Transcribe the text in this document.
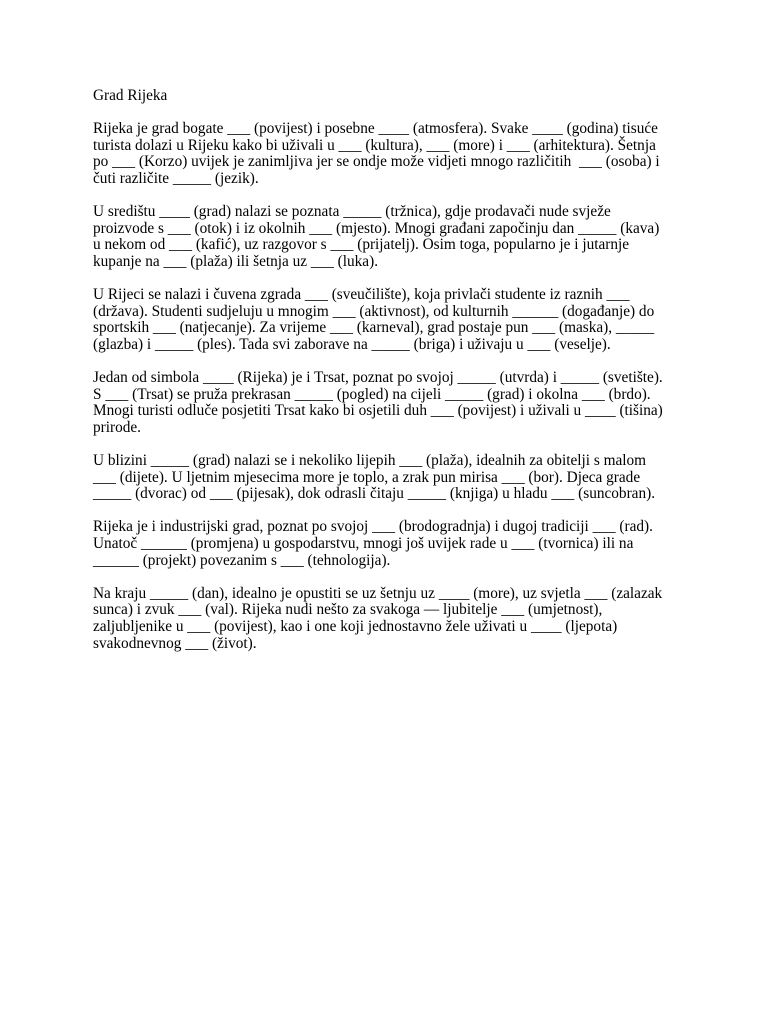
Grad Rijeka
Rijeka je grad bogate ___ (povijest) i posebne ____ (atmosfera). Svake ____ (godina) tisuće
turista dolazi u Rijeku kako bi uživali u ___ (kultura), ___ (more) i ___ (arhitektura). Šetnja
po ___ (Korzo) uvijek je zanimljiva jer se ondje može vidjeti mnogo različitih  ___ (osoba) i
čuti različite _____ (jezik).
U središtu ____ (grad) nalazi se poznata _____ (tržnica), gdje prodavači nude svježe
proizvode s ___ (otok) i iz okolnih ___ (mjesto). Mnogi građani započinju dan _____ (kava)
u nekom od ___ (kafić), uz razgovor s ___ (prijatelj). Osim toga, popularno je i jutarnje
kupanje na ___ (plaža) ili šetnja uz ___ (luka).
U Rijeci se nalazi i čuvena zgrada ___ (sveučilište), koja privlači studente iz raznih ___
(država). Studenti sudjeluju u mnogim ___ (aktivnost), od kulturnih ______ (događanje) do
sportskih ___ (natjecanje). Za vrijeme ___ (karneval), grad postaje pun ___ (maska), _____
(glazba) i _____ (ples). Tada svi zaborave na _____ (briga) i uživaju u ___ (veselje).
Jedan od simbola ____ (Rijeka) je i Trsat, poznat po svojoj _____ (utvrda) i _____ (svetište).
S ___ (Trsat) se pruža prekrasan _____ (pogled) na cijeli _____ (grad) i okolna ___ (brdo).
Mnogi turisti odluče posjetiti Trsat kako bi osjetili duh ___ (povijest) i uživali u ____ (tišina)
prirode.
U blizini _____ (grad) nalazi se i nekoliko lijepih ___ (plaža), idealnih za obitelji s malom
___ (dijete). U ljetnim mjesecima more je toplo, a zrak pun mirisa ___ (bor). Djeca grade
_____ (dvorac) od ___ (pijesak), dok odrasli čitaju _____ (knjiga) u hladu ___ (suncobran).
Rijeka je i industrijski grad, poznat po svojoj ___ (brodogradnja) i dugoj tradiciji ___ (rad).
Unatoč ______ (promjena) u gospodarstvu, mnogi još uvijek rade u ___ (tvornica) ili na
______ (projekt) povezanim s ___ (tehnologija).
Na kraju _____ (dan), idealno je opustiti se uz šetnju uz ____ (more), uz svjetla ___ (zalazak
sunca) i zvuk ___ (val). Rijeka nudi nešto za svakoga — ljubitelje ___ (umjetnost),
zaljubljenike u ___ (povijest), kao i one koji jednostavno žele uživati u ____ (ljepota)
svakodnevnog ___ (život).
